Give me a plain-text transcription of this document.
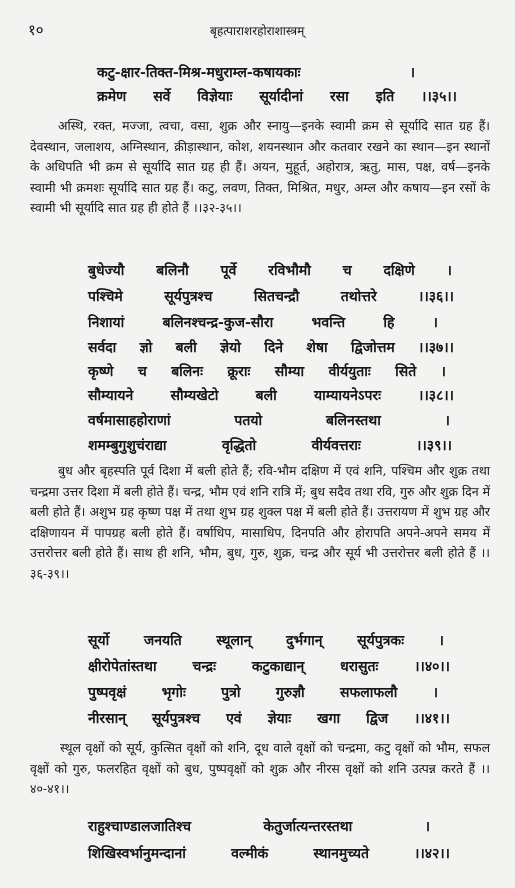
१०	बृहत्पाराशरहोराशास्त्रम्
कटु-क्षार-तिक्त-मिश्र-मधुराम्ल-कषायकाः	।
क्रमेण सर्वे विज्ञेयाः सूर्यादीनां रसा इति ।।३५।।
अस्थि, रक्त, मज्जा, त्वचा, वसा, शुक्र और स्नायु—इनके स्वामी क्रम से सूर्यादि सात ग्रह हैं। देवस्थान, जलाशय, अग्निस्थान, क्रीड़ास्थान, कोश, शयनस्थान और कतवार रखने का स्थान—इन स्थानों के अधिपति भी क्रम से सूर्यादि सात ग्रह ही हैं। अयन, मुहूर्त, अहोरात्र, ऋतु, मास, पक्ष, वर्ष—इनके स्वामी भी क्रमशः सूर्यादि सात ग्रह हैं। कटु, लवण, तिक्त, मिश्रित, मधुर, अम्ल और कषाय—इन रसों के स्वामी भी सूर्यादि सात ग्रह ही होते हैं ।।३२-३५।।
बुधेज्यौ बलिनौ पूर्वे रविभौमौ च दक्षिणे ।
पश्चिमे	सूर्यपुत्रश्च	सितचन्द्रौ	तथोत्तरे	।।३६।।
निशायां	बलिनश्चन्द्र-कुज-सौरा	भवन्ति	हि	।
सर्वदा ज्ञो बली ज्ञेयो दिने शेषा द्विजोत्तम ।।३७।।
कृष्णे च बलिनः क्रूराः सौम्या वीर्ययुताः सिते ।
सौम्यायने	सौम्यखेटो	बली	याम्यायनेऽपरः	।।३८।।
वर्षमासाहहोराणां	पतयो	बलिनस्तथा	।
शमम्बुगुशुचंराद्या	वृद्धितो	वीर्यवत्तराः	।।३९।।
बुध और बृहस्पति पूर्व दिशा में बली होते हैं; रवि-भौम दक्षिण में एवं शनि, पश्चिम और शुक्र तथा चन्द्रमा उत्तर दिशा में बली होते हैं। चन्द्र, भौम एवं शनि रात्रि में; बुध सदैव तथा रवि, गुरु और शुक्र दिन में बली होते हैं। अशुभ ग्रह कृष्ण पक्ष में तथा शुभ ग्रह शुक्ल पक्ष में बली होते हैं। उत्तरायण में शुभ ग्रह और दक्षिणायन में पापग्रह बली होते हैं। वर्षाधिप, मासाधिप, दिनपति और होरापति अपने-अपने समय में उत्तरोत्तर बली होते हैं। साथ ही शनि, भौम, बुध, गुरु, शुक्र, चन्द्र और सूर्य भी उत्तरोत्तर बली होते हैं ।।३६-३९।।
सूर्यो जनयति स्थूलान् दुर्भगान् सूर्यपुत्रकः ।
क्षीरोपेतांस्तथा	चन्द्रः	कटुकाद्यान्	धरासुतः	।।४०।।
पुष्पवृक्षं	भृगोः	पुत्रो	गुरुज्ञौ	सफलाफलौ	।
नीरसान् सूर्यपुत्रश्च एवं ज्ञेयाः खगा द्विज ।।४१।।
स्थूल वृक्षों को सूर्य, कुत्सित वृक्षों को शनि, दूध वाले वृक्षों को चन्द्रमा, कटु वृक्षों को भौम, सफल वृक्षों को गुरु, फलरहित वृक्षों को बुध, पुष्पवृक्षों को शुक्र और नीरस वृक्षों को शनि उत्पन्न करते हैं ।।४०-४१।।
राहुश्चाण्डालजातिश्च	केतुर्जात्यन्तरस्तथा	।
शिखिस्वर्भानुमन्दानां	वल्मीकं	स्थानमुच्यते	।।४२।।
